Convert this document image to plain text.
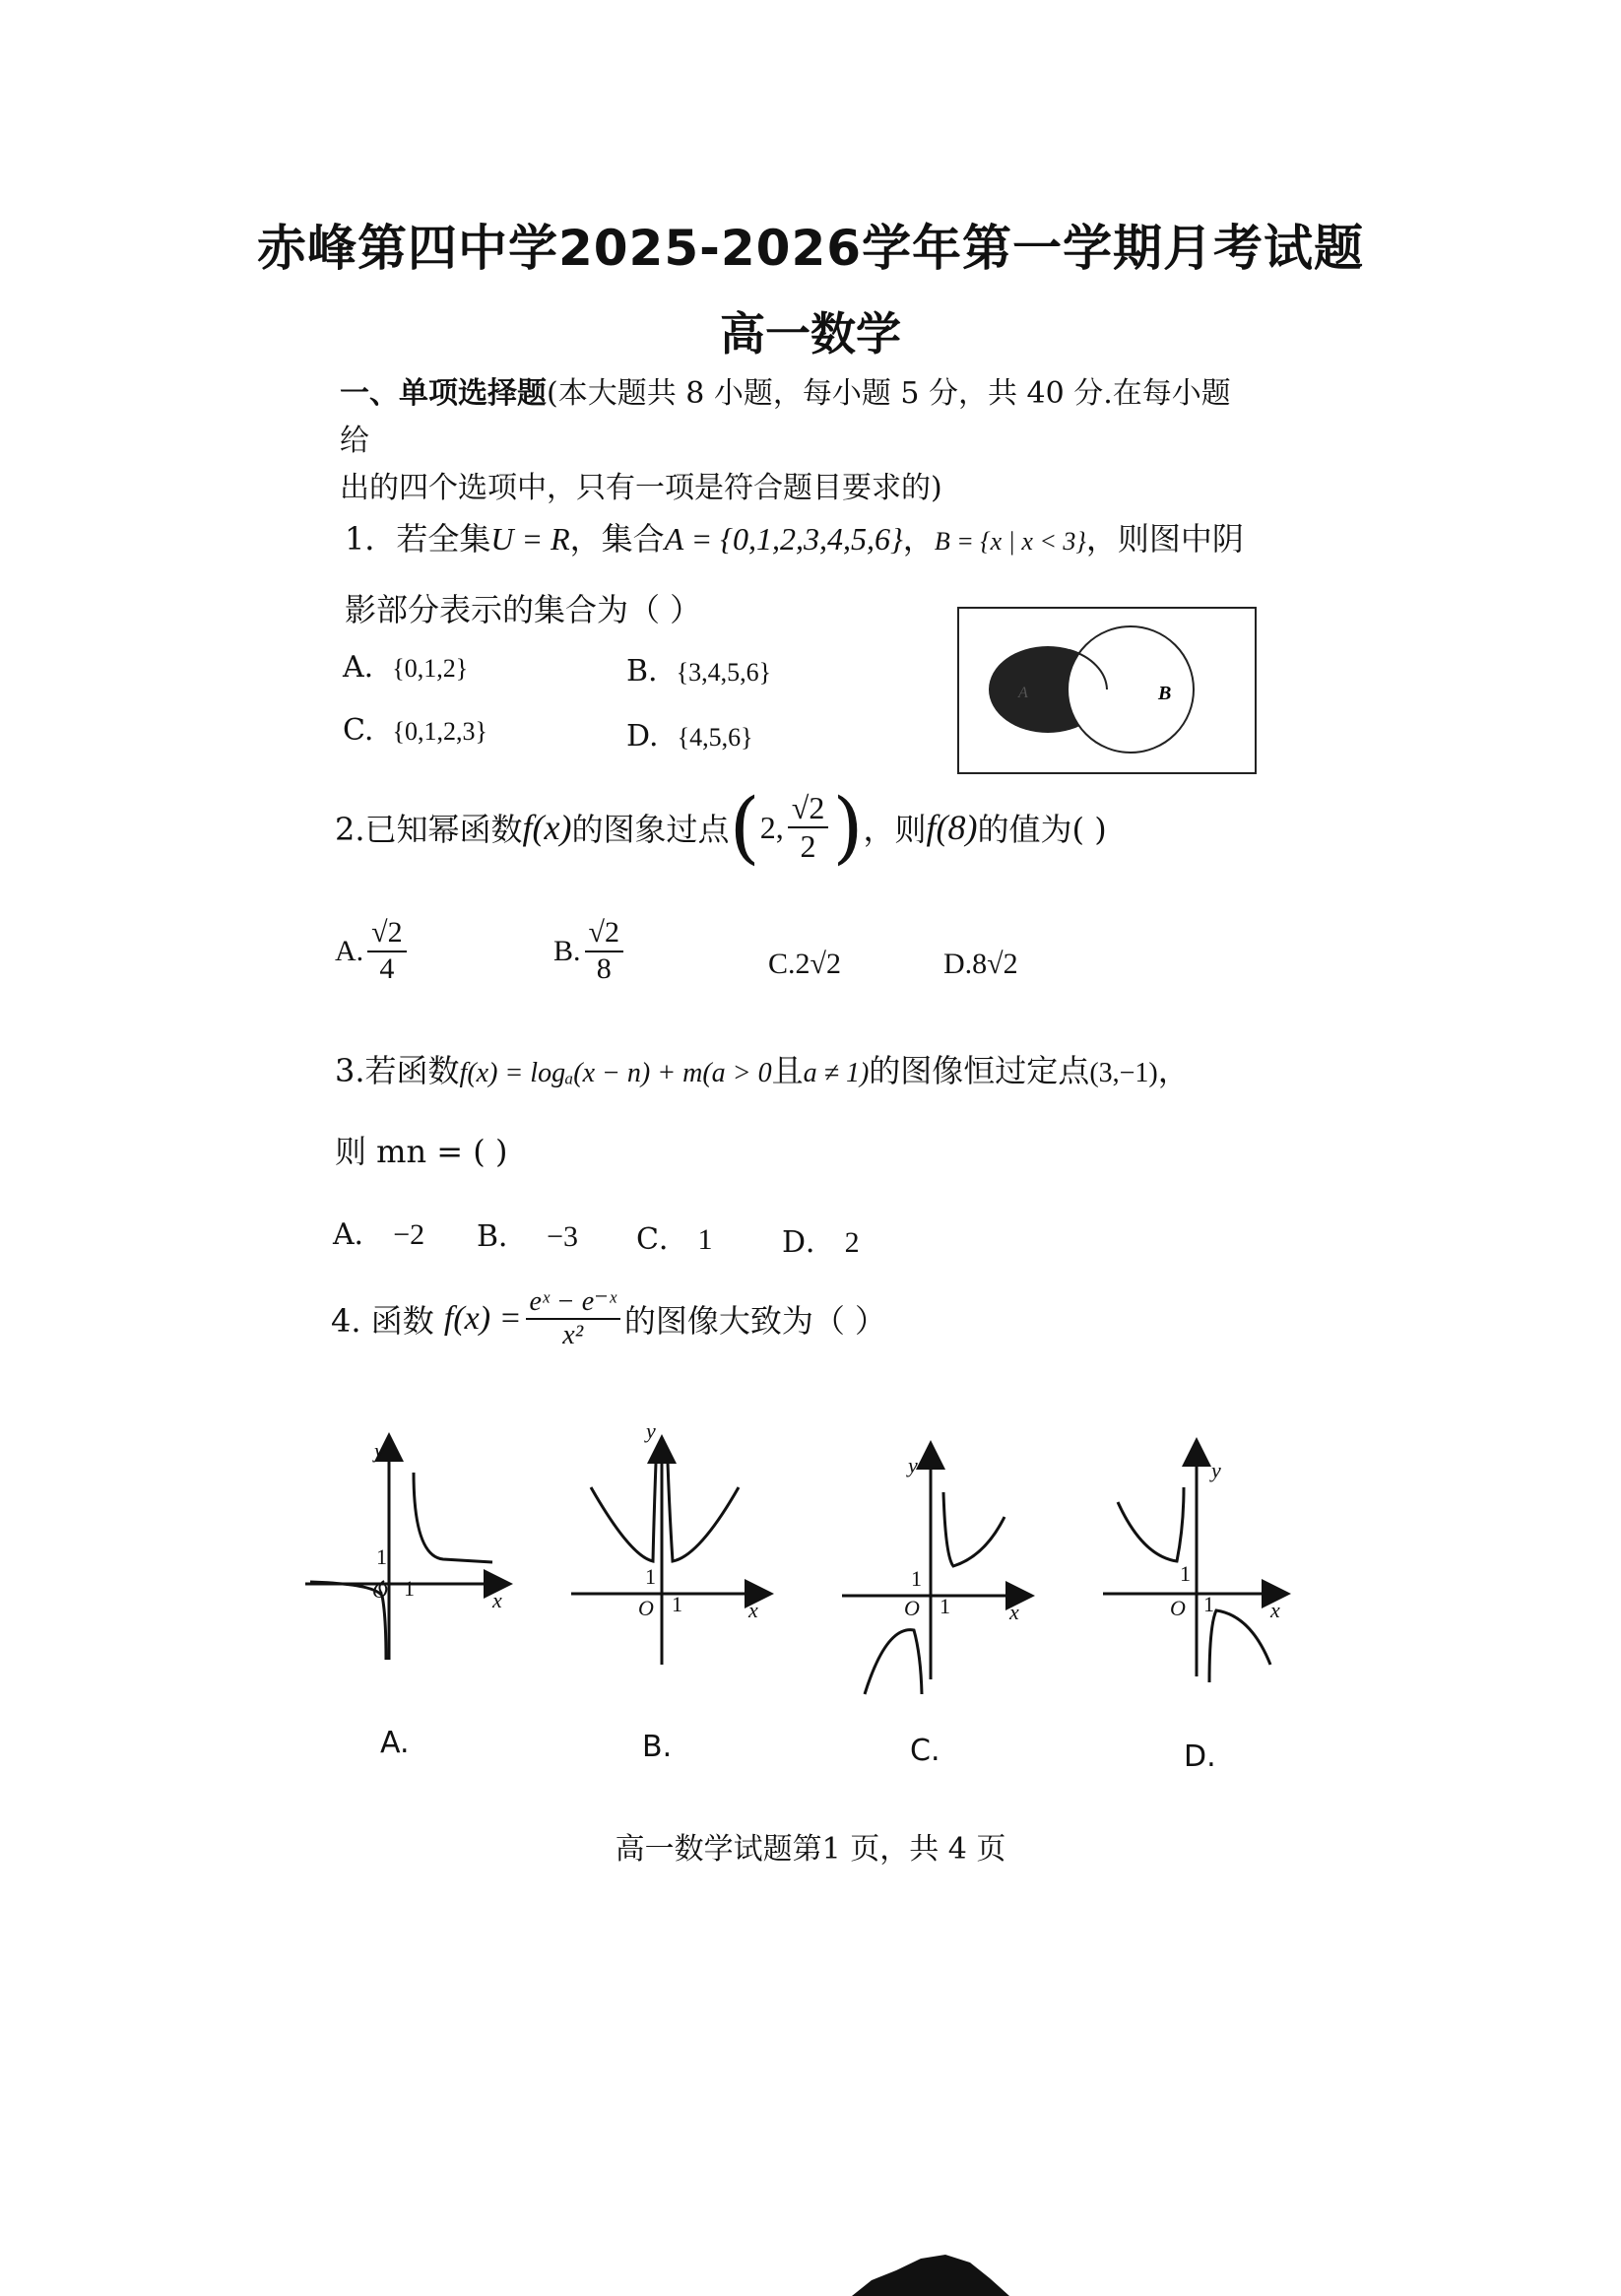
赤峰第四中学2025-2026学年第一学期月考试题
高一数学
一、单项选择题(本大题共 8 小题，每小题 5 分，共 40 分.在每小题给
出的四个选项中，只有一项是符合题目要求的)
1．若全集U = R，集合A = {0,1,2,3,4,5,6}，B = {x | x < 3}，则图中阴
影部分表示的集合为（ ）
A. {0,1,2}	B. {3,4,5,6}
C. {0,1,2,3}	D. {4,5,6}
A	B
2.已知幂函数 f(x) 的图象过点 ( 2, $\frac{√2}{2}$ ) ，则 f(8) 的值为( )
A. $\frac{√2}{4}$	B. $\frac{√2}{8}$	C.2√2	D.8√2
3.若函数f(x) = logₐ(x − n) + m(a > 0且a ≠ 1)的图像恒过定点(3,−1)，
则 mn = ( )
A． −2 B． −3 C． 1 D． 2
4. 函数
$f(x) = \frac{\text{eˣ − e⁻ˣ}}{\text{x²}}$ 的图像大致为（ ）
y
1
O 1	x
y
1
O 1	x
y
1
O 1	x
y
1
O 1	x
A.	B.	C.	D.
高一数学试题第1 页，共 4 页
